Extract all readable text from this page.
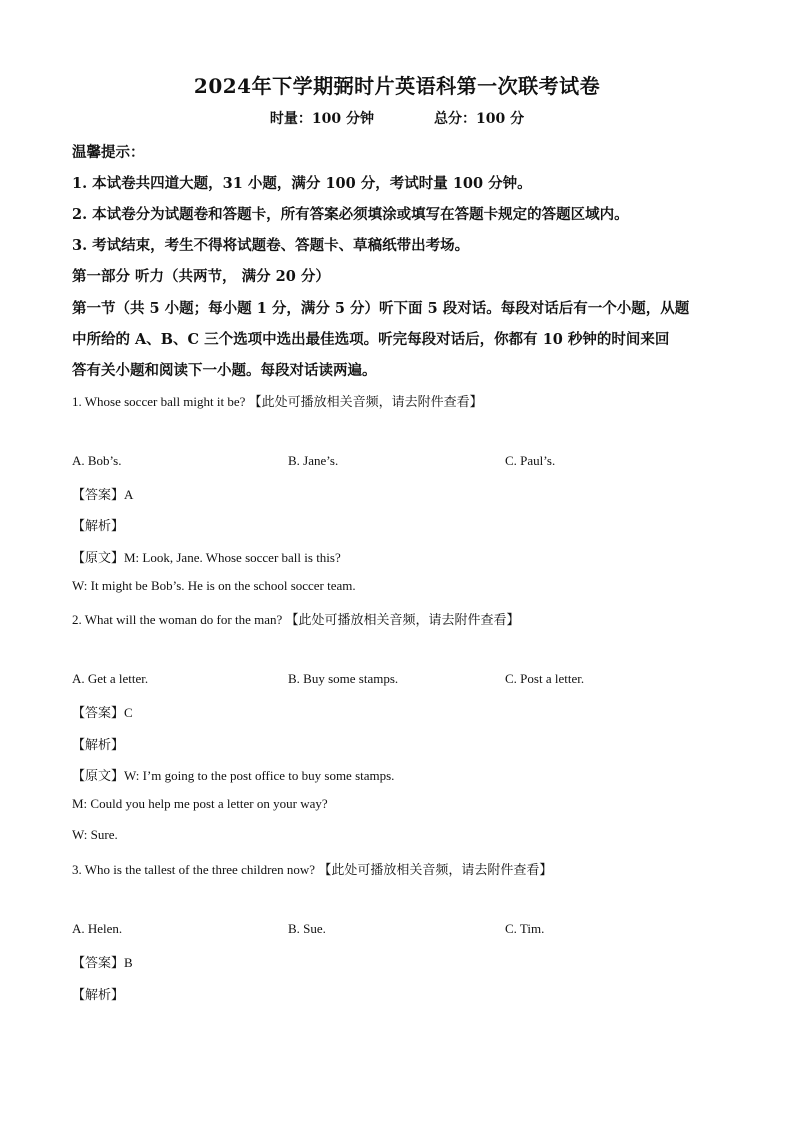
2024年下学期弼时片英语科第一次联考试卷
时量：100 分钟	总分：100 分
温馨提示：
1. 本试卷共四道大题，31 小题，满分 100 分，考试时量 100 分钟。
2. 本试卷分为试题卷和答题卡，所有答案必须填涂或填写在答题卡规定的答题区域内。
3. 考试结束，考生不得将试题卷、答题卡、草稿纸带出考场。
第一部分 听力（共两节， 满分 20 分）
第一节（共 5 小题；每小题 1 分，满分 5 分）听下面 5 段对话。每段对话后有一个小题，从题
中所给的 A、B、C 三个选项中选出最佳选项。听完每段对话后，你都有 10 秒钟的时间来回
答有关小题和阅读下一小题。每段对话读两遍。
1. Whose soccer ball might it be? 【此处可播放相关音频，请去附件查看】
A. Bob’s.	B. Jane’s.	C. Paul’s.
【答案】A
【解析】
【原文】M: Look, Jane. Whose soccer ball is this?
W: It might be Bob’s. He is on the school soccer team.
2. What will the woman do for the man? 【此处可播放相关音频，请去附件查看】
A. Get a letter.	B. Buy some stamps.	C. Post a letter.
【答案】C
【解析】
【原文】W: I’m going to the post office to buy some stamps.
M: Could you help me post a letter on your way?
W: Sure.
3. Who is the tallest of the three children now? 【此处可播放相关音频，请去附件查看】
A. Helen.	B. Sue.	C. Tim.
【答案】B
【解析】
